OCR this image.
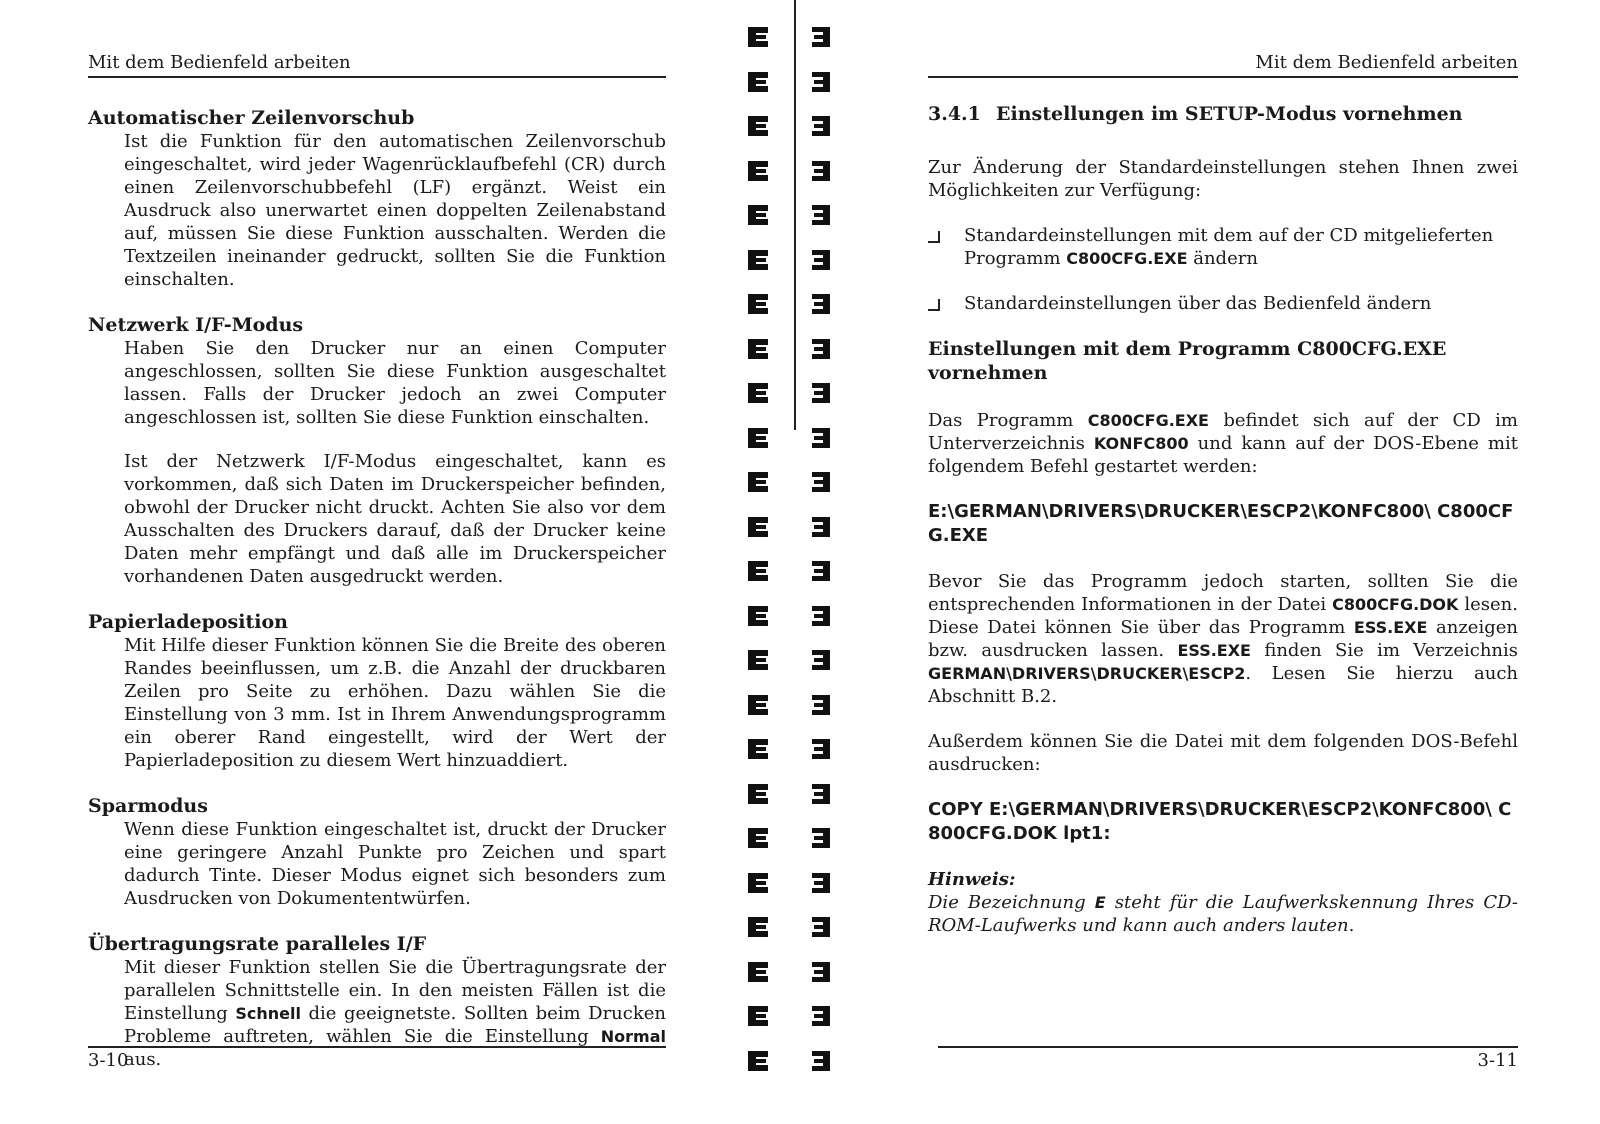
Mit dem Bedienfeld arbeiten
Automatischer Zeilenvorschub

Ist die Funktion für den automatischen Zeilenvorschub eingeschaltet, wird jeder Wagenrücklaufbefehl (CR) durch einen Zeilenvorschubbefehl (LF) ergänzt. Weist ein Ausdruck also unerwartet einen doppelten Zeilenabstand auf, müssen Sie diese Funktion ausschalten. Werden die Textzeilen ineinander gedruckt, sollten Sie die Funktion einschalten.

Netzwerk I/F-Modus

Haben Sie den Drucker nur an einen Computer angeschlossen, sollten Sie diese Funktion ausgeschaltet lassen. Falls der Drucker jedoch an zwei Computer angeschlossen ist, sollten Sie diese Funktion einschalten.

Ist der Netzwerk I/F-Modus eingeschaltet, kann es vorkommen, daß sich Daten im Druckerspeicher befinden, obwohl der Drucker nicht druckt. Achten Sie also vor dem Ausschalten des Druckers darauf, daß der Drucker keine Daten mehr empfängt und daß alle im Druckerspeicher vorhandenen Daten ausgedruckt werden.

Papierladeposition

Mit Hilfe dieser Funktion können Sie die Breite des oberen Randes beeinflussen, um z.B. die Anzahl der druckbaren Zeilen pro Seite zu erhöhen. Dazu wählen Sie die Einstellung von 3 mm. Ist in Ihrem Anwendungsprogramm ein oberer Rand eingestellt, wird der Wert der Papierladeposition zu diesem Wert hinzuaddiert.

Sparmodus

Wenn diese Funktion eingeschaltet ist, druckt der Drucker eine geringere Anzahl Punkte pro Zeichen und spart dadurch Tinte. Dieser Modus eignet sich besonders zum Ausdrucken von Dokumententwürfen.

Übertragungsrate paralleles I/F

Mit dieser Funktion stellen Sie die Übertragungsrate der parallelen Schnittstelle ein. In den meisten Fällen ist die Einstellung Schnell die geeignetste. Sollten beim Drucken Probleme auftreten, wählen Sie die Einstellung Normal aus.

3-10
Mit dem Bedienfeld arbeiten
3.4.1 Einstellungen im SETUP-Modus vornehmen

Zur Änderung der Standardeinstellungen stehen Ihnen zwei Möglichkeiten zur Verfügung:

Standardeinstellungen mit dem auf der CD mitgelieferten Programm C800CFG.EXE ändern
Standardeinstellungen über das Bedienfeld ändern
Einstellungen mit dem Programm C800CFG.EXE vornehmen

Das Programm C800CFG.EXE befindet sich auf der CD im Unterverzeichnis KONFC800 und kann auf der DOS-Ebene mit folgendem Befehl gestartet werden:

E:\GERMAN\DRIVERS\DRUCKER\ESCP2\KONFC800\ C800CFG.EXE

Bevor Sie das Programm jedoch starten, sollten Sie die entsprechenden Informationen in der Datei C800CFG.DOK lesen. Diese Datei können Sie über das Programm ESS.EXE anzeigen bzw. ausdrucken lassen. ESS.EXE finden Sie im Verzeichnis GERMAN\DRIVERS\DRUCKER\ESCP2. Lesen Sie hierzu auch Abschnitt B.2.

Außerdem können Sie die Datei mit dem folgenden DOS-Befehl ausdrucken:

COPY E:\GERMAN\DRIVERS\DRUCKER\ESCP2\KONFC800\ C800CFG.DOK lpt1:
Hinweis:
Die Bezeichnung E steht für die Laufwerkskennung Ihres CD-ROM-Laufwerks und kann auch anders lauten.
3-11
